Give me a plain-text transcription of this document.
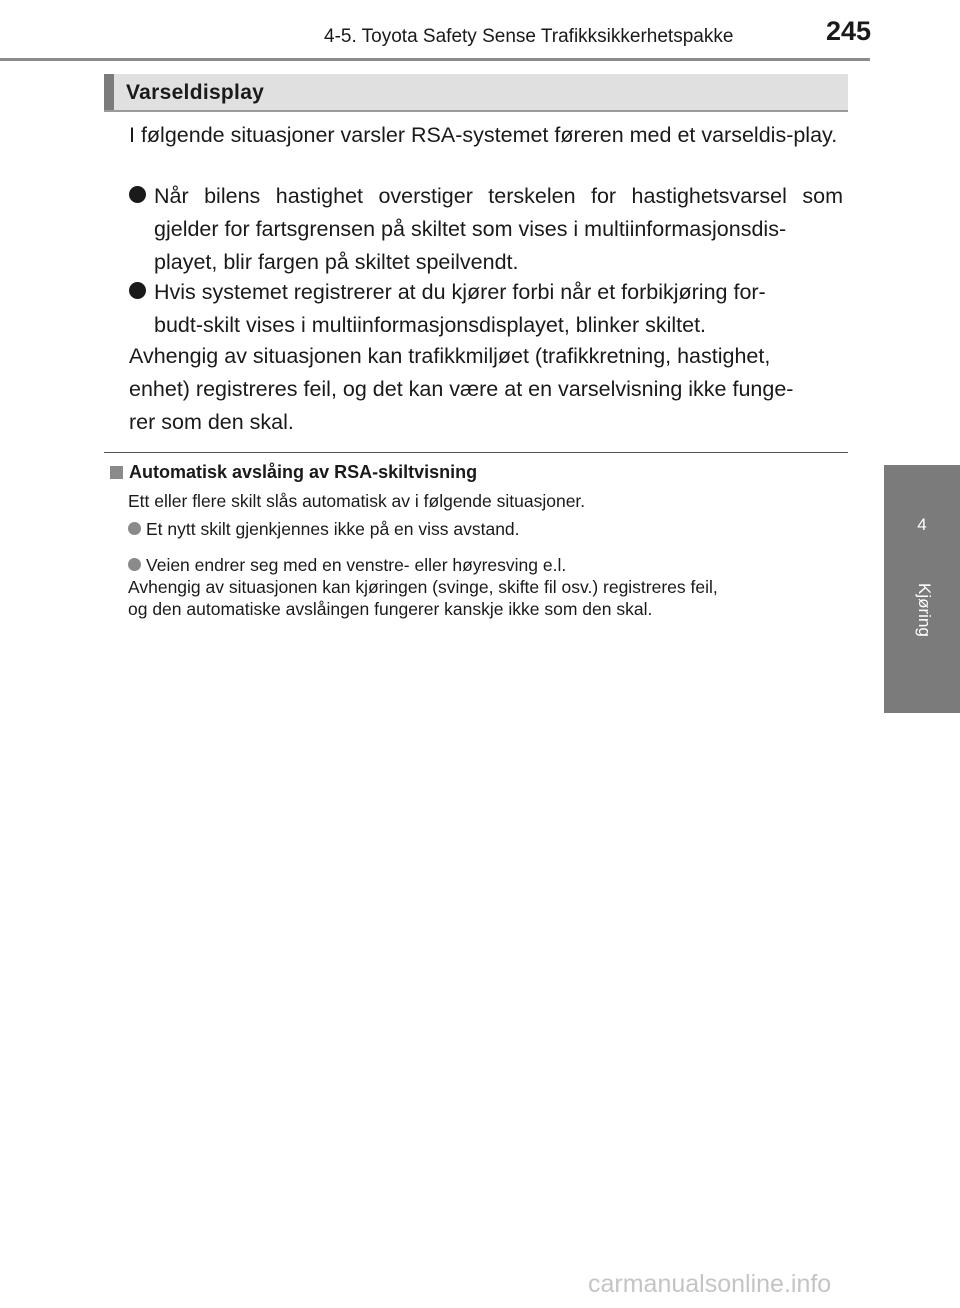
4-5. Toyota Safety Sense Trafikksikkerhetspakke	245
4
Kjøring
Varseldisplay
I følgende situasjoner varsler RSA-systemet føreren med et varseldis-play.
Når bilens hastighet overstiger terskelen for hastighetsvarsel som
gjelder for fartsgrensen på skiltet som vises i multiinformasjonsdis-
playet, blir fargen på skiltet speilvendt.
Hvis systemet registrerer at du kjører forbi når et forbikjøring for-
budt-skilt vises i multiinformasjonsdisplayet, blinker skiltet.
Avhengig av situasjonen kan trafikkmiljøet (trafikkretning, hastighet,
enhet) registreres feil, og det kan være at en varselvisning ikke funge-
rer som den skal.
Automatisk avslåing av RSA-skiltvisning
Ett eller flere skilt slås automatisk av i følgende situasjoner.
Et nytt skilt gjenkjennes ikke på en viss avstand.
Veien endrer seg med en venstre- eller høyresving e.l.
Avhengig av situasjonen kan kjøringen (svinge, skifte fil osv.) registreres feil,
og den automatiske avslåingen fungerer kanskje ikke som den skal.
carmanualsonline.info
